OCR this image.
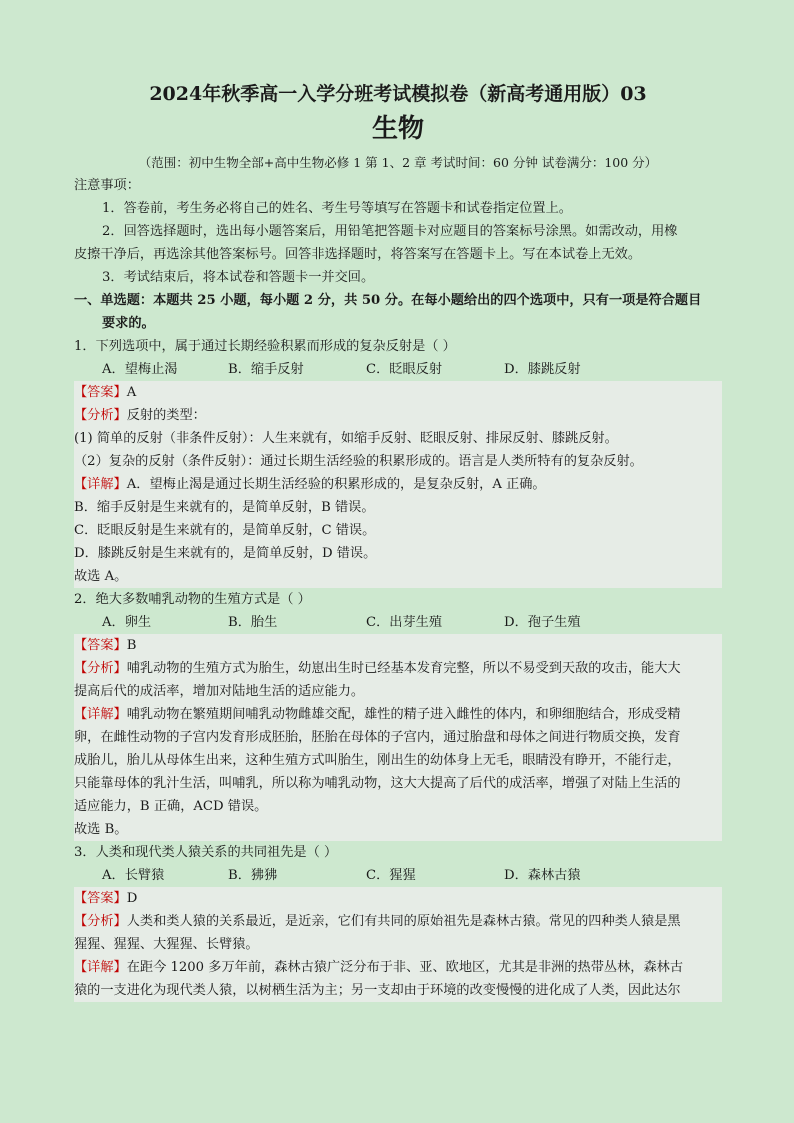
2024年秋季高一入学分班考试模拟卷（新高考通用版）03
生物
（范围：初中生物全部+高中生物必修 1 第 1、2 章 考试时间：60 分钟 试卷满分：100 分）

注意事项：

1．答卷前，考生务必将自己的姓名、考生号等填写在答题卡和试卷指定位置上。

2．回答选择题时，选出每小题答案后，用铅笔把答题卡对应题目的答案标号涂黑。如需改动，用橡

皮擦干净后，再选涂其他答案标号。回答非选择题时，将答案写在答题卡上。写在本试卷上无效。

3．考试结束后，将本试卷和答题卡一并交回。

一、单选题：本题共 25 小题，每小题 2 分，共 50 分。在每小题给出的四个选项中，只有一项是符合题目

要求的。

1．下列选项中，属于通过长期经验积累而形成的复杂反射是（ ）

A．望梅止渴	B．缩手反射	C．眨眼反射	D．膝跳反射

【答案】A

【分析】反射的类型：

(1) 简单的反射（非条件反射）：人生来就有，如缩手反射、眨眼反射、排尿反射、膝跳反射。

（2）复杂的反射（条件反射）：通过长期生活经验的积累形成的。语言是人类所特有的复杂反射。

【详解】A．望梅止渴是通过长期生活经验的积累形成的，是复杂反射，A 正确。

B．缩手反射是生来就有的，是简单反射，B 错误。

C．眨眼反射是生来就有的，是简单反射，C 错误。

D．膝跳反射是生来就有的，是简单反射，D 错误。

故选 A。

2．绝大多数哺乳动物的生殖方式是（ ）

A．卵生	B．胎生	C．出芽生殖	D．孢子生殖

【答案】B

【分析】哺乳动物的生殖方式为胎生，幼崽出生时已经基本发育完整，所以不易受到天敌的攻击，能大大

提高后代的成活率，增加对陆地生活的适应能力。

【详解】哺乳动物在繁殖期间哺乳动物雌雄交配，雄性的精子进入雌性的体内，和卵细胞结合，形成受精

卵，在雌性动物的子宫内发育形成胚胎，胚胎在母体的子宫内，通过胎盘和母体之间进行物质交换，发育

成胎儿，胎儿从母体生出来，这种生殖方式叫胎生，刚出生的幼体身上无毛，眼睛没有睁开，不能行走，

只能靠母体的乳汁生活，叫哺乳，所以称为哺乳动物，这大大提高了后代的成活率，增强了对陆上生活的

适应能力，B 正确，ACD 错误。

故选 B。

3．人类和现代类人猿关系的共同祖先是（ ）

A．长臂猿	B．狒狒	C．猩猩	D．森林古猿

【答案】D

【分析】人类和类人猿的关系最近，是近亲，它们有共同的原始祖先是森林古猿。常见的四种类人猿是黑

猩猩、猩猩、大猩猩、长臂猿。

【详解】在距今 1200 多万年前，森林古猿广泛分布于非、亚、欧地区，尤其是非洲的热带丛林，森林古

猿的一支进化为现代类人猿，以树栖生活为主；另一支却由于环境的改变慢慢的进化成了人类，因此达尔
